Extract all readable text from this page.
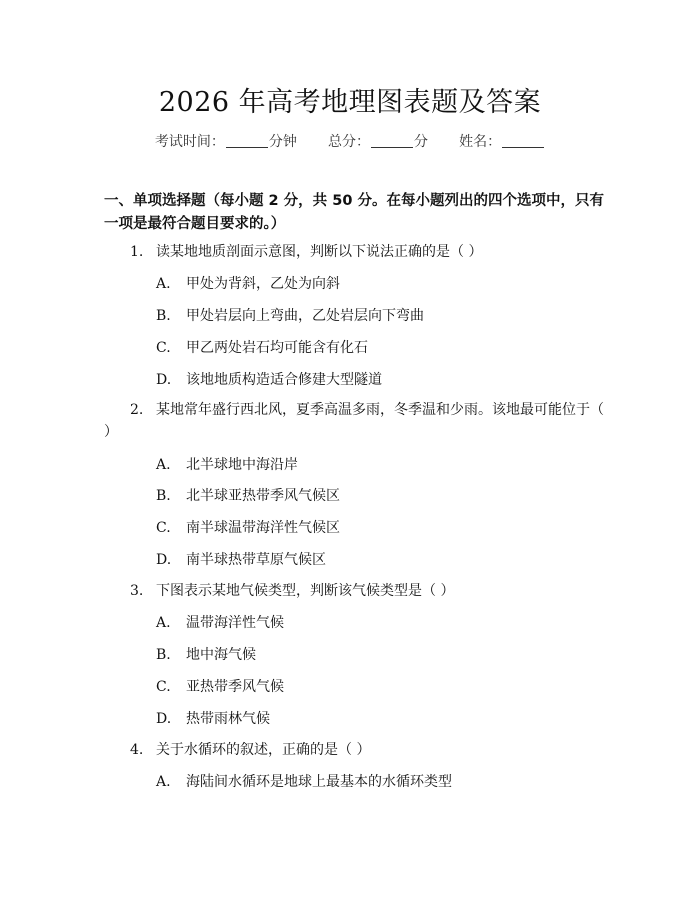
2026 年高考地理图表题及答案
考试时间：	分钟 总分：	分 姓名：
一、单项选择题（每小题 2 分，共 50 分。在每小题列出的四个选项中，只有一项是最符合题目要求的。）
1. 读某地地质剖面示意图，判断以下说法正确的是（ ）
A. 甲处为背斜，乙处为向斜
B. 甲处岩层向上弯曲，乙处岩层向下弯曲
C. 甲乙两处岩石均可能含有化石
D. 该地地质构造适合修建大型隧道
2. 某地常年盛行西北风，夏季高温多雨，冬季温和少雨。该地最可能位于（ ）
A. 北半球地中海沿岸
B. 北半球亚热带季风气候区
C. 南半球温带海洋性气候区
D. 南半球热带草原气候区
3. 下图表示某地气候类型，判断该气候类型是（ ）
A. 温带海洋性气候
B. 地中海气候
C. 亚热带季风气候
D. 热带雨林气候
4. 关于水循环的叙述，正确的是（ ）
A. 海陆间水循环是地球上最基本的水循环类型
